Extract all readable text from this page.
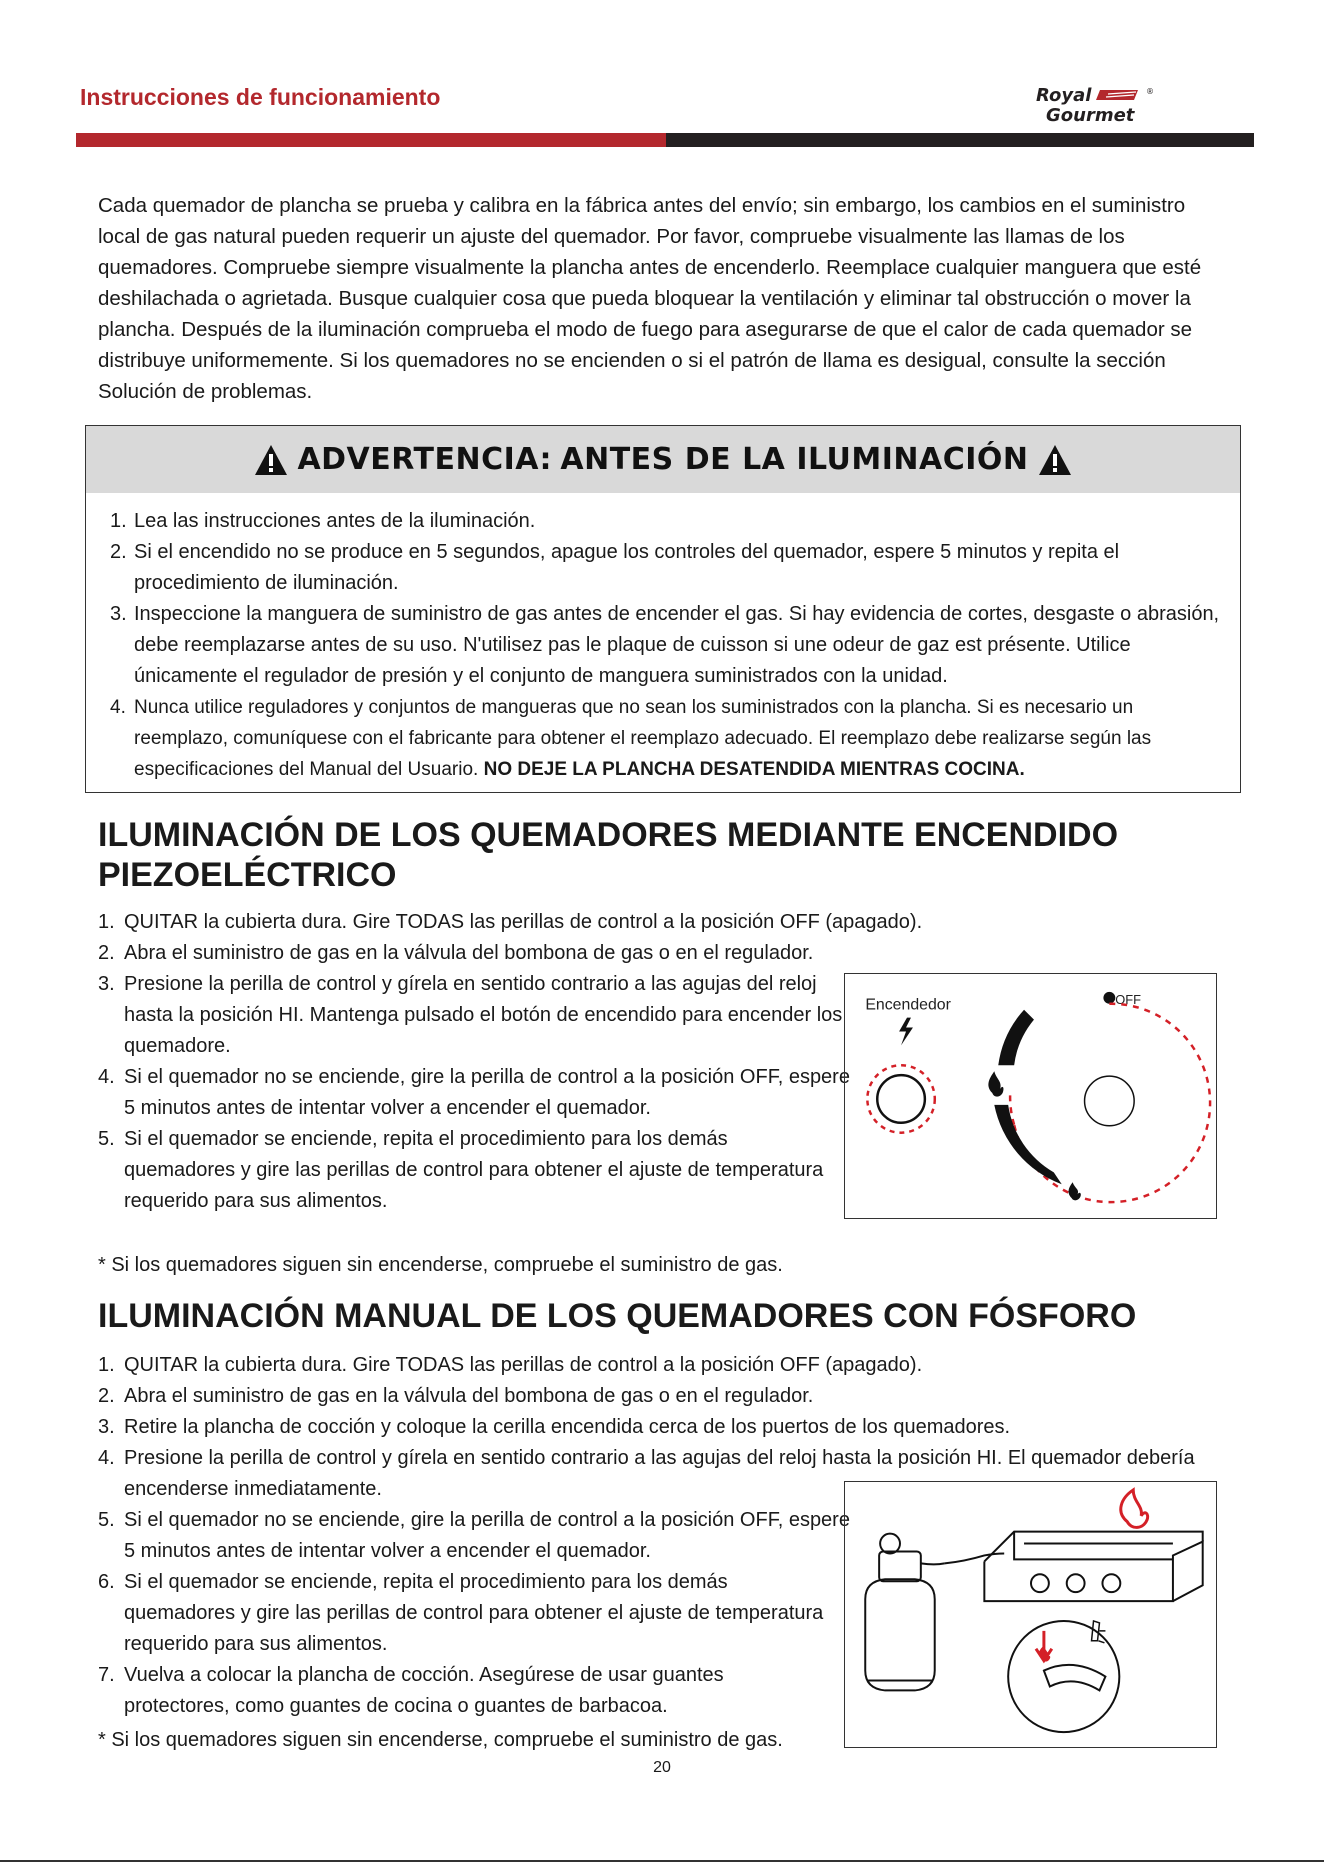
Instrucciones de funcionamiento	Royal
Gourmet
®
Cada quemador de plancha se prueba y calibra en la fábrica antes del envío; sin embargo, los cambios en el suministro local de gas natural pueden requerir un ajuste del quemador. Por favor, compruebe visualmente las llamas de los quemadores. Compruebe siempre visualmente la plancha antes de encenderlo. Reemplace cualquier manguera que esté deshilachada o agrietada. Busque cualquier cosa que pueda bloquear la ventilación y eliminar tal obstrucción o mover la plancha. Después de la iluminación comprueba el modo de fuego para asegurarse de que el calor de cada quemador se distribuye uniformemente. Si los quemadores no se encienden o si el patrón de llama es desigual, consulte la sección Solución de problemas.
ADVERTENCIA:
ANTES DE LA ILUMINACIÓN
1. Lea las instrucciones antes de la iluminación.
2. Si el encendido no se produce en 5 segundos, apague los controles del quemador, espere 5 minutos y repita el procedimiento de iluminación.
3. Inspeccione la manguera de suministro de gas antes de encender el gas. Si hay evidencia de cortes, desgaste o abrasión, debe reemplazarse antes de su uso. N'utilisez pas le plaque de cuisson si une odeur de gaz est présente. Utilice únicamente el regulador de presión y el conjunto de manguera suministrados con la unidad.
4. Nunca utilice reguladores y conjuntos de mangueras que no sean los suministrados con la plancha. Si es necesario un reemplazo, comuníquese con el fabricante para obtener el reemplazo adecuado. El reemplazo debe realizarse según las especificaciones del Manual del Usuario. NO DEJE LA PLANCHA DESATENDIDA MIENTRAS COCINA.
ILUMINACIÓN DE LOS QUEMADORES MEDIANTE ENCENDIDO PIEZOELÉCTRICO
1. QUITAR la cubierta dura. Gire TODAS las perillas de control a la posición OFF (apagado).
2. Abra el suministro de gas en la válvula del bombona de gas o en el regulador.
3. Presione la perilla de control y gírela en sentido contrario a las agujas del reloj hasta la posición HI. Mantenga pulsado el botón de encendido para encender los quemadore.
4. Si el quemador no se enciende, gire la perilla de control a la posición OFF, espere 5 minutos antes de intentar volver a encender el quemador.
5. Si el quemador se enciende, repita el procedimiento para los demás quemadores y gire las perillas de control para obtener el ajuste de temperatura requerido para sus alimentos.
* Si los quemadores siguen sin encenderse, compruebe el suministro de gas.
Encendedor	OFF
ILUMINACIÓN MANUAL DE LOS QUEMADORES CON FÓSFORO
1. QUITAR la cubierta dura. Gire TODAS las perillas de control a la posición OFF (apagado).
2. Abra el suministro de gas en la válvula del bombona de gas o en el regulador.
3. Retire la plancha de cocción y coloque la cerilla encendida cerca de los puertos de los quemadores.
4. Presione la perilla de control y gírela en sentido contrario a las agujas del reloj hasta la posición HI. El quemador debería encenderse inmediatamente.
5. Si el quemador no se enciende, gire la perilla de control a la posición OFF, espere 5 minutos antes de intentar volver a encender el quemador.
6. Si el quemador se enciende, repita el procedimiento para los demás quemadores y gire las perillas de control para obtener el ajuste de temperatura requerido para sus alimentos.
7. Vuelva a colocar la plancha de cocción. Asegúrese de usar guantes protectores, como guantes de cocina o guantes de barbacoa.
* Si los quemadores siguen sin encenderse, compruebe el suministro de gas.
20
